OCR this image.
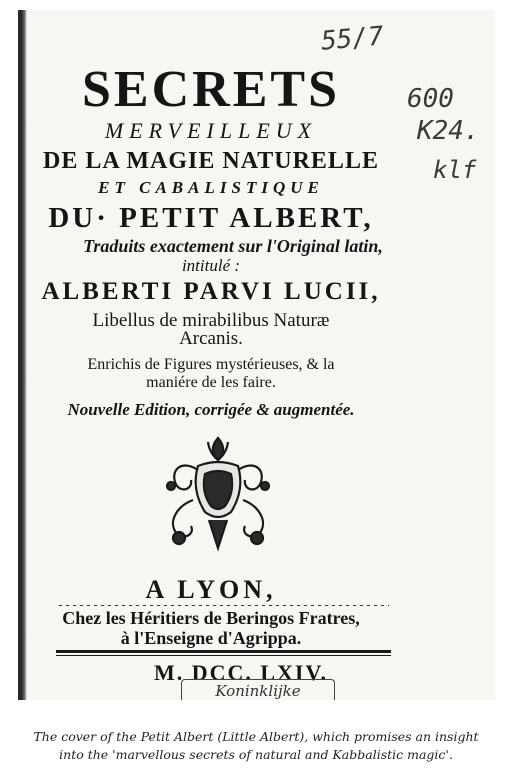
55/7
600
K24.
klf
SECRETS
MERVEILLEUX
DE LA MAGIE NATURELLE
ET CABALISTIQUE
DU· PETIT ALBERT,
Traduits exactement sur l'Original latin,
intitulé :
ALBERTI PARVI LUCII,
Libellus de mirabilibus Naturæ
Arcanis.
Enrichis de Figures mystérieuses, & la
maniére de les faire.
Nouvelle Edition, corrigée & augmentée.
A LYON,
Chez les Héritiers de Beringos Fratres,
à l'Enseigne d'Agrippa.
M. DCC. LXIV.
Koninklijke
The cover of the Petit Albert (Little Albert), which promises an insight into the 'marvellous secrets of natural and Kabbalistic magic'.
